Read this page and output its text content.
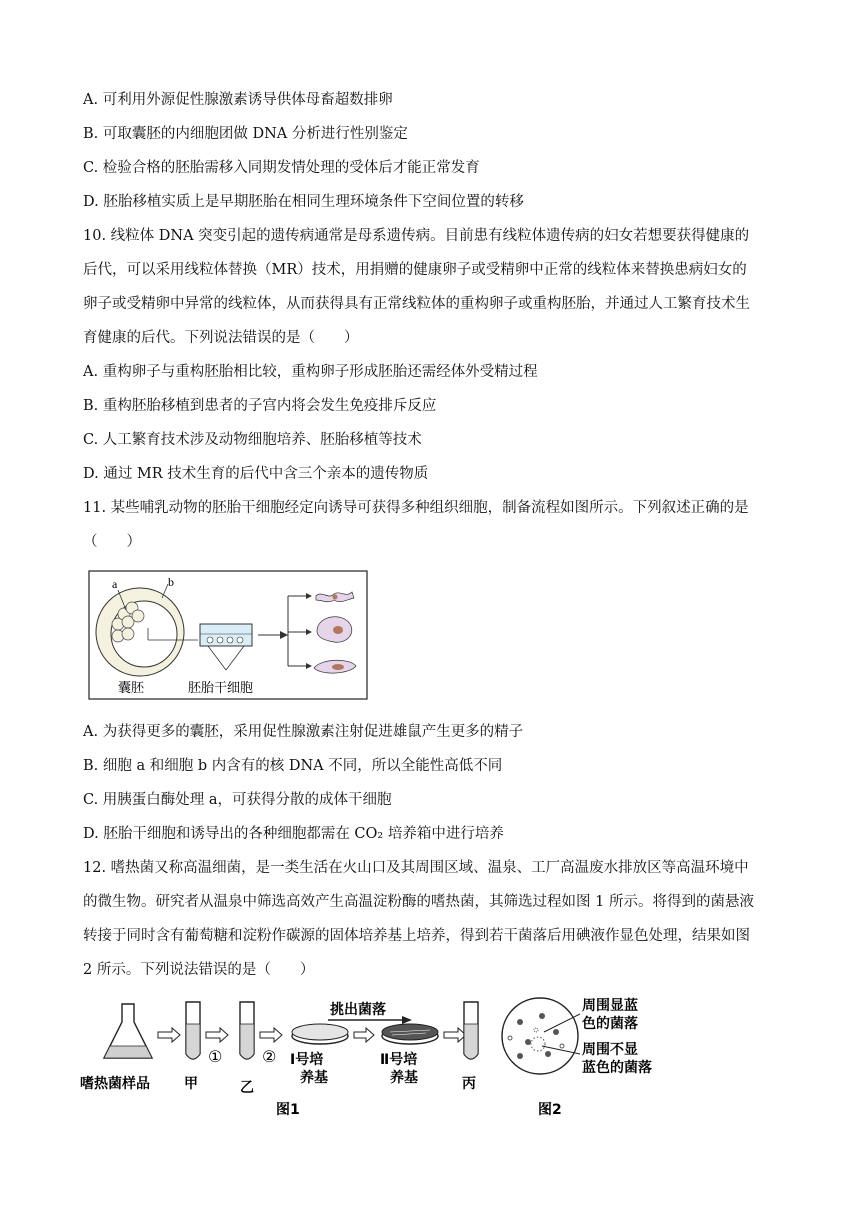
A. 可利用外源促性腺激素诱导供体母畜超数排卵
B. 可取囊胚的内细胞团做 DNA 分析进行性别鉴定
C. 检验合格的胚胎需移入同期发情处理的受体后才能正常发育
D. 胚胎移植实质上是早期胚胎在相同生理环境条件下空间位置的转移
10. 线粒体 DNA 突变引起的遗传病通常是母系遗传病。目前患有线粒体遗传病的妇女若想要获得健康的
后代，可以采用线粒体替换（MR）技术，用捐赠的健康卵子或受精卵中正常的线粒体来替换患病妇女的
卵子或受精卵中异常的线粒体，从而获得具有正常线粒体的重构卵子或重构胚胎，并通过人工繁育技术生
育健康的后代。下列说法错误的是（　　）
A. 重构卵子与重构胚胎相比较，重构卵子形成胚胎还需经体外受精过程
B. 重构胚胎移植到患者的子宫内将会发生免疫排斥反应
C. 人工繁育技术涉及动物细胞培养、胚胎移植等技术
D. 通过 MR 技术生育的后代中含三个亲本的遗传物质
11. 某些哺乳动物的胚胎干细胞经定向诱导可获得多种组织细胞，制备流程如图所示。下列叙述正确的是
（　　）
a	b
囊胚	胚胎干细胞
A. 为获得更多的囊胚，采用促性腺激素注射促进雄鼠产生更多的精子
B. 细胞 a 和细胞 b 内含有的核 DNA 不同，所以全能性高低不同
C. 用胰蛋白酶处理 a，可获得分散的成体干细胞
D. 胚胎干细胞和诱导出的各种细胞都需在 CO₂ 培养箱中进行培养
12. 嗜热菌又称高温细菌，是一类生活在火山口及其周围区域、温泉、工厂高温废水排放区等高温环境中
的微生物。研究者从温泉中筛选高效产生高温淀粉酶的嗜热菌，其筛选过程如图 1 所示。将得到的菌悬液
转接于同时含有葡萄糖和淀粉作碳源的固体培养基上培养，得到若干菌落后用碘液作显色处理，结果如图
2 所示。下列说法错误的是（　　）
① ②
挑出菌落
嗜热菌样品 甲	乙
Ⅰ号培
养基
Ⅱ号培
养基	丙
周围显蓝
色的菌落
周围不显
蓝色的菌落
图1	图2
